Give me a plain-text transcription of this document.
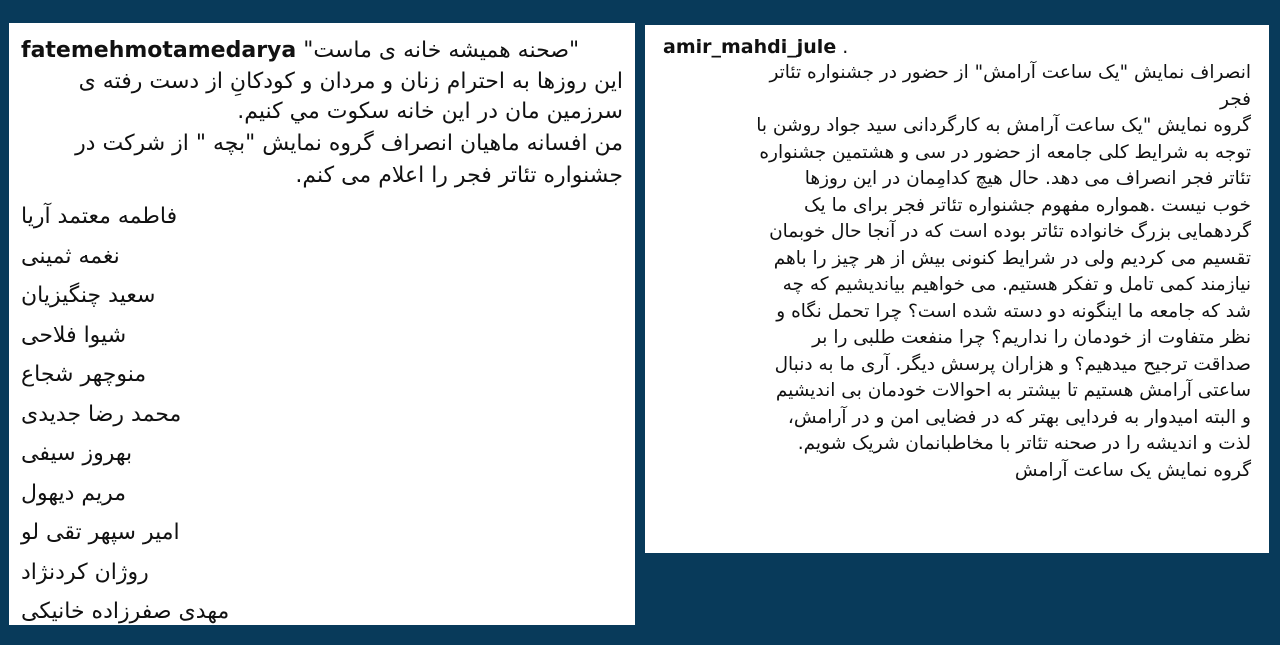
fatemehmotamedarya "صحنه همیشه خانه ی ماست"
این روزها به احترام زنان و مردان و کودکانِ از دست رفته ی
سرزمین مان در این خانه سکوت مي کنیم.
من افسانه ماهیان انصراف گروه نمایش "بچه " از شرکت در
جشنواره تئاتر فجر را اعلام می کنم.
فاطمه معتمد آریا
نغمه ثمینی
سعید چنگیزیان
شیوا فلاحی
منوچهر شجاع
محمد رضا جدیدی
بهروز سیفی
مریم دیهول
امیر سپهر تقی لو
روژان کردنژاد
مهدی صفرزاده خانیکی
amir_mahdi_jule .
انصراف نمایش "یک ساعت آرامش" از حضور در جشنواره تئاتر
فجر
گروه نمایش "یک ساعت آرامش به کارگردانی سید جواد روشن با
توجه به شرایط کلی جامعه از حضور در سی و هشتمین جشنواره
تئاتر فجر انصراف می دهد. حال هیچ کدامِمان در این روزها
خوب نیست .همواره مفهوم جشنواره تئاتر فجر برای ما یک
گردهمایی بزرگ خانواده تئاتر بوده است که در آنجا حال خوبمان
تقسیم می کردیم ولی در شرایط کنونی بیش از هر چیز را باهم
نیازمند کمی تامل و تفکر هستیم. می خواهیم بیاندیشیم که چه
شد که جامعه ما اینگونه دو دسته شده است؟ چرا تحمل نگاه و
نظر متفاوت از خودمان را نداریم؟ چرا منفعت طلبی را بر
صداقت ترجیح میدهیم؟ و هزاران پرسش دیگر. آری ما به دنبال
ساعتی آرامش هستیم تا بیشتر به احوالات خودمان بی اندیشیم
و البته امیدوار به فردایی بهتر که در فضایی امن و در آرامش،
لذت و اندیشه را در صحنه تئاتر با مخاطبانمان شریک شویم.
گروه نمایش یک ساعت آرامش
